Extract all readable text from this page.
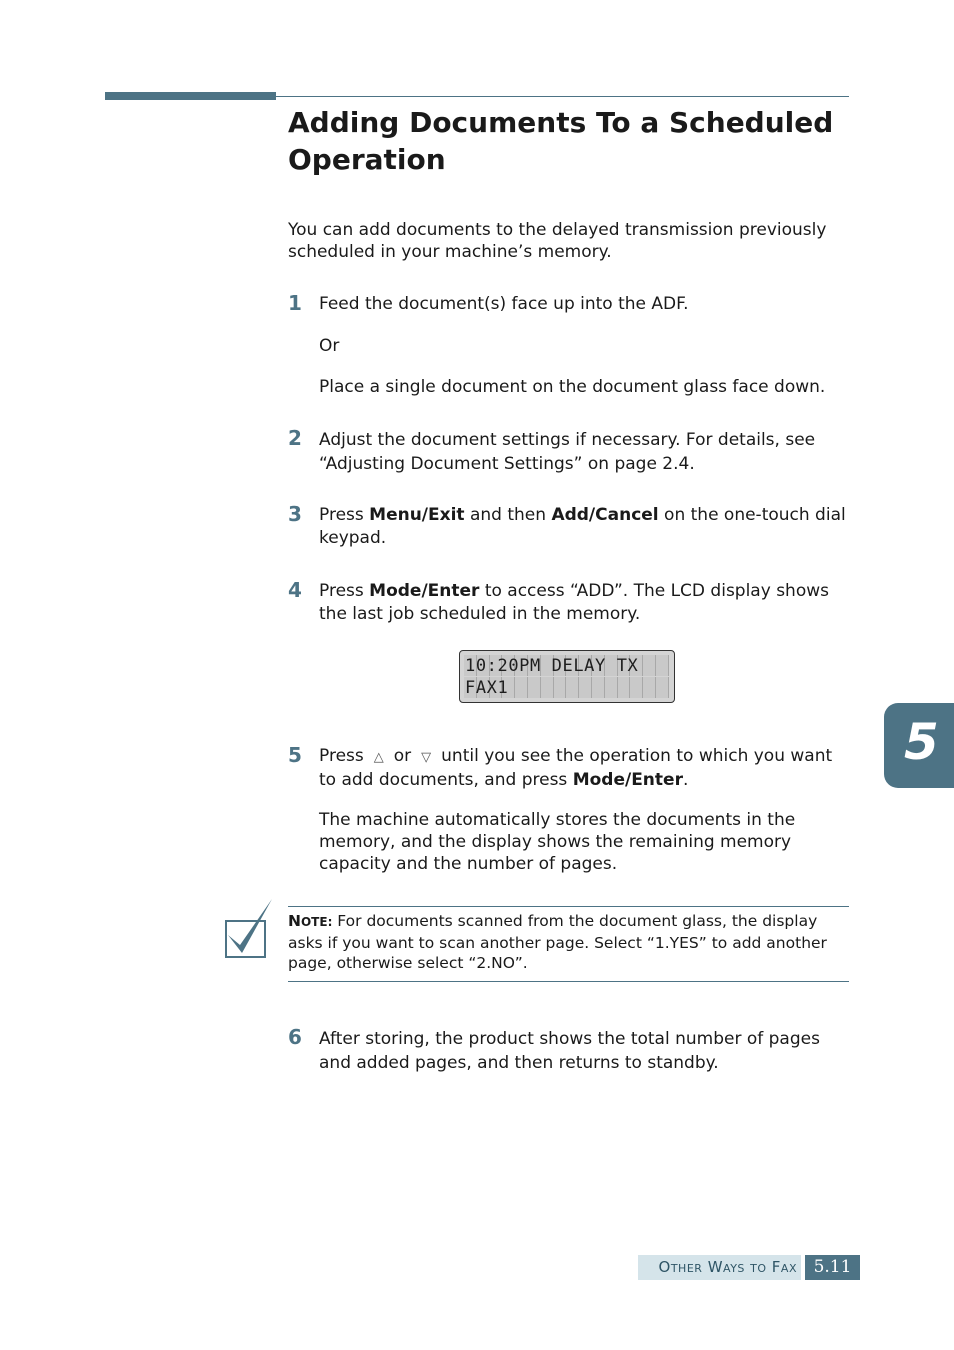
Adding Documents To a Scheduled Operation

You can add documents to the delayed transmission previously scheduled in your machine’s memory.

1 Feed the document(s) face up into the ADF.

Or

Place a single document on the document glass face down.

2 Adjust the document settings if necessary. For details, see “Adjusting Document Settings” on page 2.4.

3 Press Menu/Exit and then Add/Cancel on the one-touch dial keypad.

4 Press Mode/Enter to access “ADD”. The LCD display shows the last job scheduled in the memory.

10:20PM DELAY TX
FAX1
5 Press △ or ▽ until you see the operation to which you want to add documents, and press Mode/Enter.

The machine automatically stores the documents in the memory, and the display shows the remaining memory capacity and the number of pages.

NOTE: For documents scanned from the document glass, the display asks if you want to scan another page. Select “1.YES” to add another page, otherwise select “2.NO”.

6 After storing, the product shows the total number of pages and added pages, and then returns to standby.

5
Other Ways to Fax 5.11
